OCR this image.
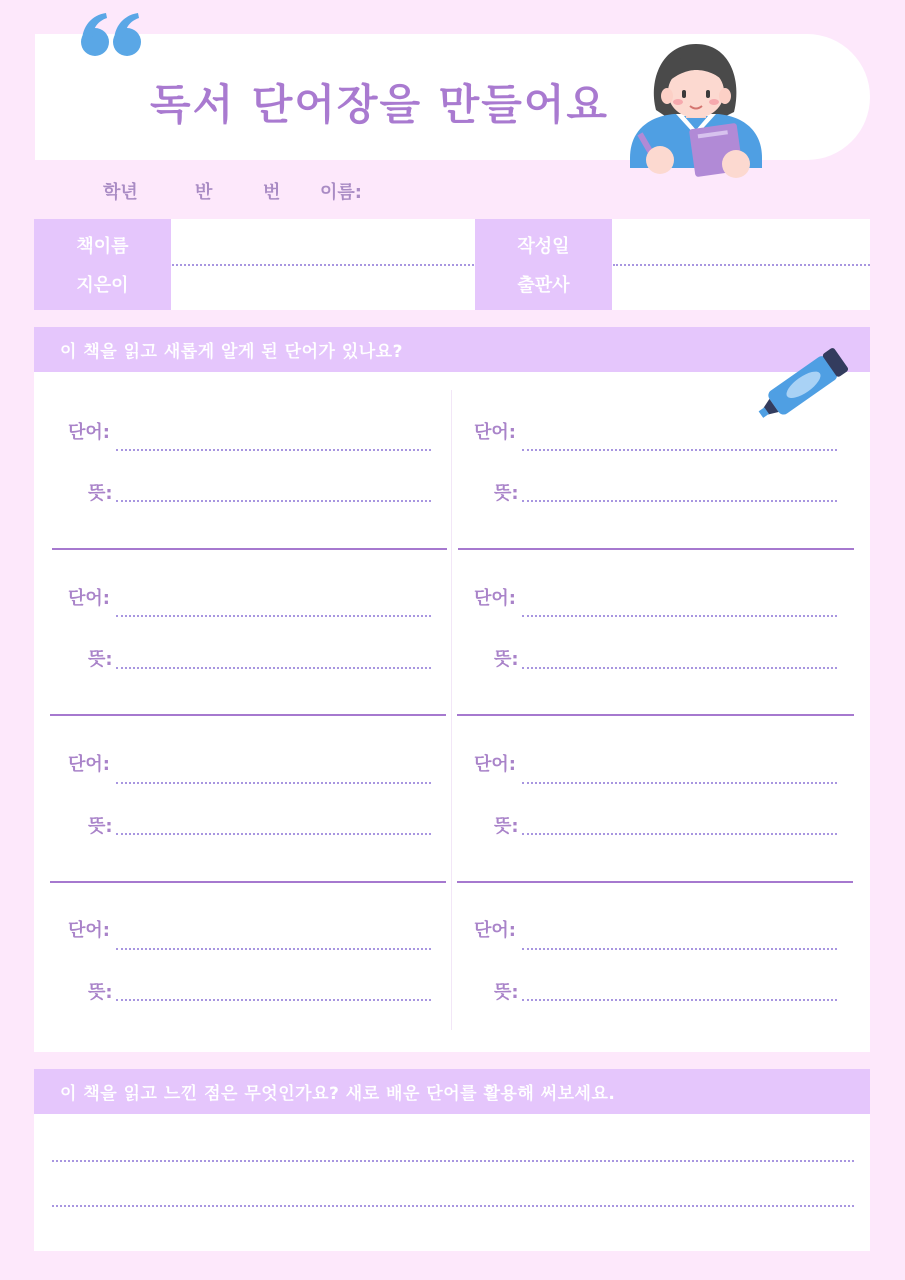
독서 단어장을 만들어요
학년	반	번 이름:
책이름
지은이
작성일
출판사
이 책을 읽고 새롭게 알게 된 단어가 있나요?
단어:
뜻:
단어:
뜻:
단어:
뜻:
단어:
뜻:
단어:
뜻:
단어:
뜻:
단어:
뜻:
단어:
뜻:
이 책을 읽고 느낀 점은 무엇인가요? 새로 배운 단어를 활용해 써보세요.
